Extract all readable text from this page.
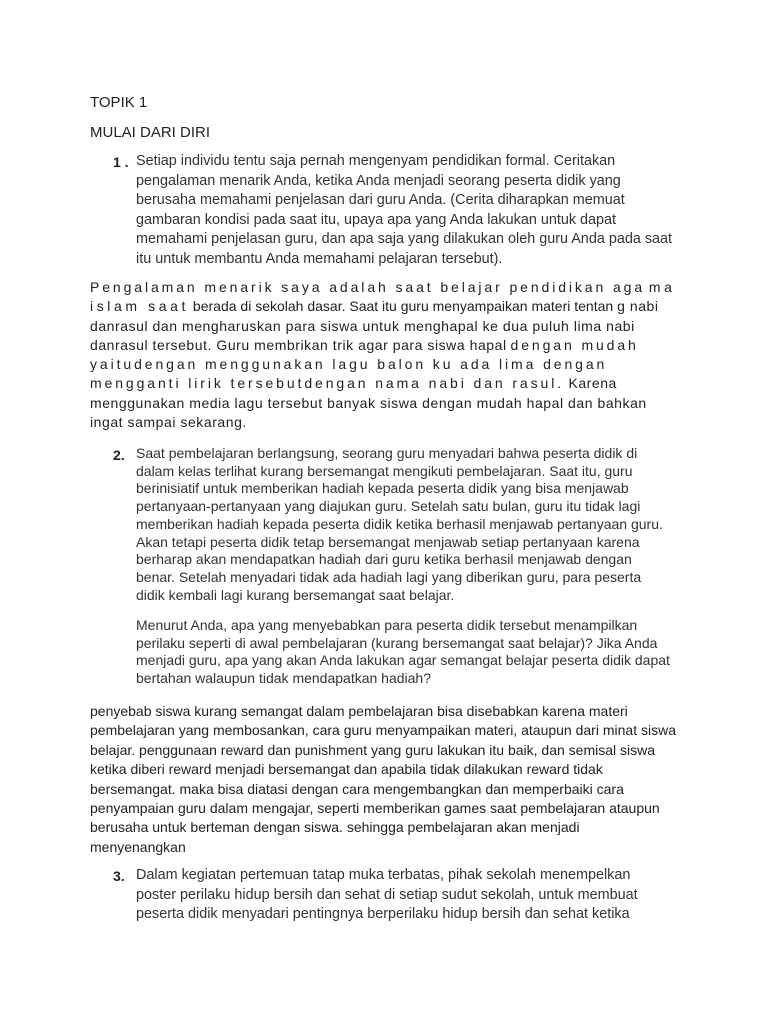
TOPIK 1
MULAI DARI DIRI
1 . Setiap individu tentu saja pernah mengenyam pendidikan formal. Ceritakan pengalaman menarik Anda, ketika Anda menjadi seorang peserta didik yang berusaha memahami penjelasan dari guru Anda. (Cerita diharapkan memuat gambaran kondisi pada saat itu, upaya apa yang Anda lakukan untuk dapat memahami penjelasan guru, dan apa saja yang dilakukan oleh guru Anda pada saat itu untuk membantu Anda memahami pelajaran tersebut).
Pengalaman menarik saya adalah saat belajar pendidikan aga ma islam saat berada di sekolah dasar. Saat itu guru menyampaikan materi tentan g nabi danrasul dan mengharuskan para siswa untuk menghapal ke dua puluh lima nabi danrasul tersebut. Guru membrikan trik agar para siswa hapal dengan mudah yaitudengan menggunakan lagu balon ku ada lima dengan mengganti lirik tersebutdengan nama nabi dan rasul. Karena menggunakan media lagu tersebut banyak siswa dengan mudah hapal dan bahkan ingat sampai sekarang.
2. Saat pembelajaran berlangsung, seorang guru menyadari bahwa peserta didik di dalam kelas terlihat kurang bersemangat mengikuti pembelajaran. Saat itu, guru berinisiatif untuk memberikan hadiah kepada peserta didik yang bisa menjawab pertanyaan-pertanyaan yang diajukan guru. Setelah satu bulan, guru itu tidak lagi memberikan hadiah kepada peserta didik ketika berhasil menjawab pertanyaan guru. Akan tetapi peserta didik tetap bersemangat menjawab setiap pertanyaan karena berharap akan mendapatkan hadiah dari guru ketika berhasil menjawab dengan benar. Setelah menyadari tidak ada hadiah lagi yang diberikan guru, para peserta didik kembali lagi kurang bersemangat saat belajar.
Menurut Anda, apa yang menyebabkan para peserta didik tersebut menampilkan perilaku seperti di awal pembelajaran (kurang bersemangat saat belajar)? Jika Anda menjadi guru, apa yang akan Anda lakukan agar semangat belajar peserta didik dapat bertahan walaupun tidak mendapatkan hadiah?
penyebab siswa kurang semangat dalam pembelajaran bisa disebabkan karena materi pembelajaran yang membosankan, cara guru menyampaikan materi, ataupun dari minat siswa belajar. penggunaan reward dan punishment yang guru lakukan itu baik, dan semisal siswa ketika diberi reward menjadi bersemangat dan apabila tidak dilakukan reward tidak bersemangat. maka bisa diatasi dengan cara mengembangkan dan memperbaiki cara penyampaian guru dalam mengajar, seperti memberikan games saat pembelajaran ataupun berusaha untuk berteman dengan siswa. sehingga pembelajaran akan menjadi menyenangkan
3. Dalam kegiatan pertemuan tatap muka terbatas, pihak sekolah menempelkan poster perilaku hidup bersih dan sehat di setiap sudut sekolah, untuk membuat peserta didik menyadari pentingnya berperilaku hidup bersih dan sehat ketika
